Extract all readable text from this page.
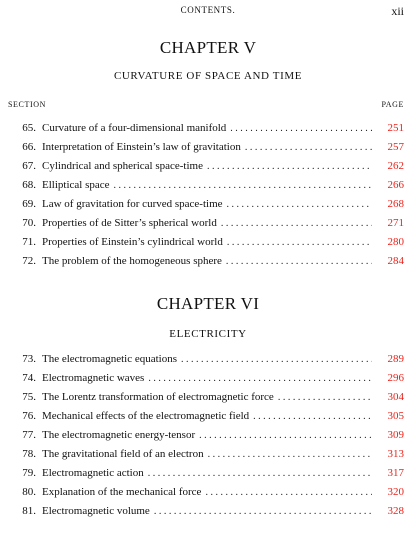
CONTENTS.	xii
CHAPTER V
CURVATURE OF SPACE AND TIME
SECTION	PAGE
65. Curvature of a four-dimensional manifold . . .	251
66. Interpretation of Einstein’s law of gravitation . . .	257
67. Cylindrical and spherical space-time . . .	262
68. Elliptical space . . .	266
69. Law of gravitation for curved space-time . . .	268
70. Properties of de Sitter’s spherical world . . .	271
71. Properties of Einstein’s cylindrical world . . .	280
72. The problem of the homogeneous sphere . . .	284
CHAPTER VI
ELECTRICITY
73. The electromagnetic equations . . .	289
74. Electromagnetic waves . . .	296
75. The Lorentz transformation of electromagnetic force . . .	304
76. Mechanical effects of the electromagnetic field . . .	305
77. The electromagnetic energy-tensor . . .	309
78. The gravitational field of an electron . . .	313
79. Electromagnetic action . . .	317
80. Explanation of the mechanical force . . .	320
81. Electromagnetic volume . . .	328
